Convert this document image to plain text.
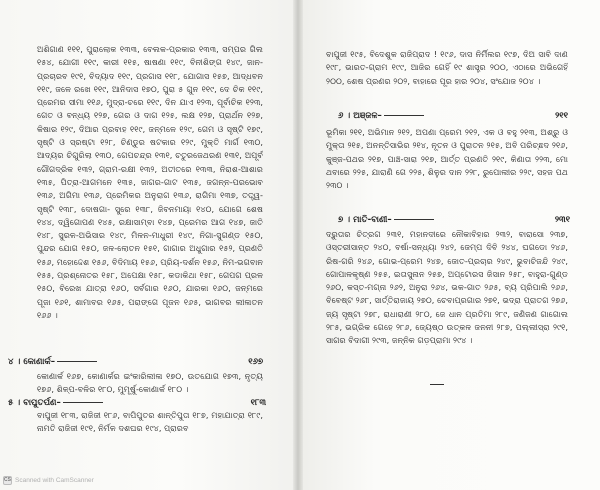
ଅଶିଗାଣ ୧୧୧, ପୁରାଲୋକ ୧୩୩, ବେଲକ-ପ୍ରକାର ୧୩୩, ସମ୍ପର ଗିଲ ୧୫୪, ଯୋଗୀ ୧୧୯, କାରୀ ୧୧୫, ଷାଷଣା ୧୧୯, ବିନୀଶିଙ୍ଗ ୧୪୯, ଜାନ-ପ୍ରଚାରବ ୧୯୧, ବିଦ୍ୟାଦ ୧୧୯, ପ୍ରଗାସ ୧୧୮, ଯୋଗାସ ୧୫୭, ଆଦ୍ଧବନ ୧୧୯, ଜଳେ ରଖେ ୧୧୯, ଆନିଦାସ ୧୭୦, ପୁରା ୫ ଗୁନ ୧୧୯, ଦେ ଚିକ ୧୧୯, ପ୍ରେମର ସୀମା ୧୧୬, ମୁଦ୍ରା-ଚରେ ୧୧୯, ଦିନ ଯାଏ ୧୨୩, ପୂର୍ବାଚିକ ୧୨୩, ଗେତ ଓ ବନ୍ଧ୍ୟ ୧୨୭, ଗେର ଓ ଦାଗ ୧୨୫, ଲକ୍ଷ ୧୨୭, ପ୍ରାର୍ଥନ ୧୨୭, କିଷାର ୧୨୯, ଦିଆର ପ୍ରବାହ ୧୧୯, ଜନ୍ମଳେ ୧୨୯, ଗେମ ଓ ସୃଷ୍ଟି ୧୭୯, ସୃଷ୍ଟି ଓ ସ୍ରଷ୍ଟା ୧୨୮, ଚିଣ୍ଡୁର ଷଟକାର ୧୨୯, ମୁକ୍ତି ମାର୍ଗ ୧୩୦, ଆଦ୍ୟର ଚିଗୁରିଲା ୧୩୦, ଗେପଚନ୍ଦ୍ର ୧୩୧, ଚତୁରଜେଥରଣ ୧୩୧, ଅପୂର୍ବ ଗୌଗଦ୍ରିକ ୧୩୨, ଗ୍ରାମ-ରକ୍ଷୀ ୧୩୨, ଅତୀତରେ ୧୩୩, ନିରାଶ-ଆଶାର ୧୩୫, ପିତ୍ରା-ଆଗମନେ ୧୩୫, ଜାଗର-ଗାଟ ୧୩୫, ଜଗନ୍ନ-ପରଭୋବ ୧୩୬, ଅଗିମା ୧୩୬, ପ୍ରେମିକର ଅନୁରାଗ ୧୩୬, ରାଗିମା ୧୩୭, ତତ୍ତ୍ୱ-ସୃଷ୍ଟି ୧୩୮, ଦୋଷଗା- ସୁରେ ୧୩୮, ଜିବନମାୟା ୧୪୦, ଯୋଗେ ଶେଷ ୧୪୪, ଦ୍ୱିଗୋପଣ ୧୪୫, ରକ୍ଷାସାମ୍ବା ୧୪୭, ପ୍ରେମର ଆଗ ୧୪୭, ଜାତି ୧୪୮, ସୁରଳ-ଅଭିସାର ୧୪୯, ମିଳନ-ମାଧୁରୀ ୧୪୯, ନିଗା-ସୁଗଣ୍ଡ ୧୫୦, ପୁନ୍ଦର ଯୋଗ ୧୫୦, ଜଳ-ଲୋତନ ୧୫୧, ଗାଗାର ଅଧୁଗାର ୧୫୨, ପ୍ରଣତି ୧୫୬, ମହୋଦ୍ଦେଶ ୧୫୬, ବିଦିମାୟ ୧୫୬, ପ୍ରିୟ-ଦର୍ଶନ ୧୫୬, ନିମ-ଭଗବାନ ୧୫୫, ପ୍ରଶ୍ନୋତର ୧୫୮, ଅପେକ୍ଷା ୧୫୮, କଡାକିଥା ୧୫୮, ଗେପଗ ପ୍ରଳ ୧୫୦, ବିରେଖ ଯାତ୍ରା ୧୬୦, ସର୍ବଗାର ୧୬୦, ଯାରକା ୧୬୦, ଜନ୍ମରେ ପୂଜା ୧୬୧, ଶାମାବର ୧୬୫, ପରାଙ୍ଗେ ପୂଜନ ୧୬୫, ଭାଗବର ଲୀଳାତନ ୧୬୬ ।

୪ । କୋଣାର୍କ–	୧୬୭

କୋଣାର୍କ ୧୬୭, କୋଣାର୍କର ଇଂକାରିଲୀଳା ୧୭୦, ଉତଯୋଗ ୧୭୩, ନୃତ୍ୟ ୧୭୬, ଶିଳ୍ପ-ବଳିର ୧୮୦, ମୁମୂର୍ଷୁ-କୋଣାର୍କ ୧୮୦ ।

୫ । ବାପୁତର୍ପଣ–	୧୮୩

ବାପୁଜୀ ୧୮୩, ରାଜିଜୀ ୧୮୬, ବାପିପୁତର ଶାନ୍ତିପୁତା ୧୮୭, ମହାଯାତ୍ରା ୧୮୯, ନାମତି ରାଜିଜୀ ୧୯୧, ନିର୍ମଳ ଦଶଘର ୧୯୪, ପ୍ରାରବ

ବାପୁଜୀ ୧୯୫, ବିଦେଶୁକ ରାଜିପ୍ରାଦ ! ୧୯୬, ଦାସ ନିର୍ମିଲର ୧୯୭, ଦିଅ ସାବି ଦାଣ ୧୯୮, ଭାରତ-ଗ୍ରାମ ୧୯୯, ଆଜିର ଗେହିଁ ୧୯ ଶାସ୍ତ୍ର ୨୦୦, ଏଠାରେ ଅଭିଗେହିଁ ୨୦୦, ଶେଷ ପ୍ରଣର ୨୦୨, ବାହାରେ ପୂର ହାର ୨୦୪, ସଂଯୋଜ ୨୦୪ ।

୬ । ଅଞ୍ଜଳ–	୨୧୧

ଭୂମିକା ୨୧୧, ଅଭିମାନ ୨୧୨, ଅପଣା ପ୍ରେମ ୨୧୨, ଏକ ଓ ବହୁ ୨୧୩, ଅଶ୍ରୁ ଓ ମୁକ୍ତା ୨୧୫, ଅନନ୍ତିସାଭିର ୨୧୪, ନୂତନ ଓ ପୁରାତନ ୨୧୫, ଅବି ପରିଚ୍ଛଦ ୨୧୬, କୁଞ୍ଜ-ପଥର ୨୧୭, ପାଞ୍ଚ-ସାରା ୨୧୭, ଆର୍ତ୍ତ ପ୍ରଣତି ୨୧୯, କିଣାତା ୨୨୩, ମୋ ଥବାରେ ୨୨୫, ଯାରାଣି ଗେ ୨୨୫, ଶିଳୁର ଦାନ ୨୨୮, ରୁପୋଲୀର ୨୨୯, ସହଜ ପଥ ୨୩୦ ।

୭ । ମାତି-ବାଣୀ–	୨୩୧

ଦ୍ରୁତାର ଚିତ୍ରଗ ୨୩୧, ମହାନଦୀରେ ନୌକାବିହାର ୨୩୨, ବାରାସୋ ୨୩୭, ଓସ୍ତରୀସାନ୍ତ ୨୪୦, ବର୍ଷା-ସନ୍ଧ୍ୟା ୨୪୨, ଜେମ୍ପ ଦିବି ୨୪୪, ଘଗଡୋ ୨୪୬, ରିଷ-ଗରି ୨୪୬, ଗୋଭ-ପ୍ରେମ ୨୪୭, ଜୋତ-ପ୍ରଚାର ୨୪୯, ଭୁବାଚିଜନ୍ଦି ୨୪୯, ଗୋପାଳକୃଷ୍ଣ ୨୫୫, ଇତାସୁନାନ ୨୫୭, ଅପ୍ଟୋରସ ଜିସାନ ୨୫୮, ବାହୁରା-ଗୁଣ୍ଡ ୨୬୦, କସ୍ତ-ମଗ୍ନା ୨୬୨, ଅନୁରା ୨୬୪, ଭକ-ଗାତ ୨୬୫, ବ୍ୟ ପ୍ରିପାଲି ୨୬୬, ବିବେଷ୍ଟ ୨୬୮, ସାର୍ତ୍ତିରାଜାୟ ୨୭୦, ଚେବାପ୍ରଗାର ୨୭୧, ଭଦ୍ରା ପ୍ରାତଗ ୨୭୬, ଜ୍ୟ ସୃଷ୍ଟା ୨୭୮, ରାଧାରାଣୀ ୨୮୦, ଜେ ଧାନ ପ୍ରତିମା ୨୮୯, ଜଣିଜଣ ଗାଗୋଲ ୨୮୫, ଭଗ୍ରିକ ଗେହେ ୨୮୬, ଜ୍ୟେଷ୍ଠ ଉତ୍କଳ ଜନନୀ ୨୮୭, ପଲ୍ଲୀସ୍ରା ୨୯୧, ସାଗର ବିଦାଗୀ ୨୯୩, ଜନ୍ନିକ ଗଡ଼ପ୍ରାମା ୨୯୪ ।

CS Scanned with CamScanner
